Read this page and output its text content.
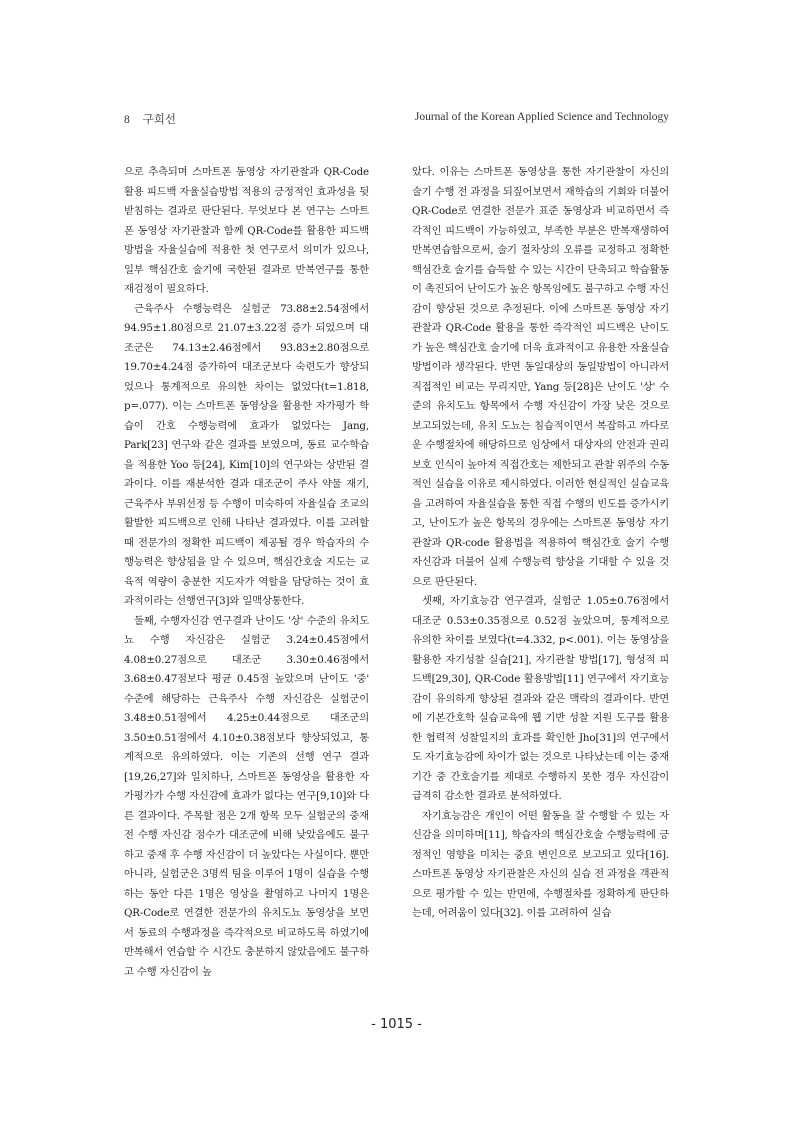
8 구희선	Journal of the Korean Applied Science and Technology

으로 추측되며 스마트폰 동영상 자기관찰과 QR-Code 활용 피드백 자율실습방법 적용의 긍정적인 효과성을 뒷받침하는 결과로 판단된다. 무엇보다 본 연구는 스마트폰 동영상 자기관찰과 함께 QR-Code를 활용한 피드백 방법을 자율실습에 적용한 첫 연구로서 의미가 있으나, 일부 핵심간호 술기에 국한된 결과로 반복연구를 통한 재검정이 필요하다.

근육주사 수행능력은 실험군 73.88±2.54점에서 94.95±1.80점으로 21.07±3.22점 증가 되었으며 대조군은 74.13±2.46점에서 93.83±2.80점으로 19.70±4.24점 증가하여 대조군보다 숙련도가 향상되었으나 통계적으로 유의한 차이는 없었다(t=1.818, p=.077). 이는 스마트폰 동영상을 활용한 자가평가 학습이 간호 수행능력에 효과가 없었다는 Jang, Park[23] 연구와 같은 결과를 보였으며, 동료 교수학습을 적용한 Yoo 등[24], Kim[10]의 연구와는 상반된 결과이다. 이를 재분석한 결과 대조군이 주사 약물 재기, 근육주사 부위선정 등 수행이 미숙하여 자율실습 조교의 활발한 피드백으로 인해 나타난 결과였다. 이를 고려할 때 전문가의 정확한 피드백이 제공될 경우 학습자의 수행능력은 향상됨을 알 수 있으며, 핵심간호술 지도는 교육적 역량이 충분한 지도자가 역할을 담당하는 것이 효과적이라는 선행연구[3]와 일맥상통한다.

둘째, 수행자신감 연구결과 난이도 '상' 수준의 유치도뇨 수행 자신감은 실험군 3.24±0.45점에서 4.08±0.27점으로 대조군 3.30±0.46점에서 3.68±0.47점보다 평균 0.45점 높았으며 난이도 '중' 수준에 해당하는 근육주사 수행 자신감은 실험군이 3.48±0.51점에서 4.25±0.44점으로 대조군의 3.50±0.51점에서 4.10±0.38점보다 향상되었고, 통계적으로 유의하였다. 이는 기존의 선행 연구 결과[19,26,27]와 일치하나, 스마트폰 동영상을 활용한 자가평가가 수행 자신감에 효과가 없다는 연구[9,10]와 다른 결과이다. 주목할 점은 2개 항목 모두 실험군의 중재 전 수행 자신감 점수가 대조군에 비해 낮았음에도 불구하고 중재 후 수행 자신감이 더 높았다는 사실이다. 뿐만아니라, 실험군은 3명씩 팀을 이루어 1명이 실습을 수행하는 동안 다른 1명은 영상을 촬영하고 나머지 1명은 QR-Code로 연결한 전문가의 유치도뇨 동영상을 보면서 동료의 수행과정을 즉각적으로 비교하도록 하였기에 반복해서 연습할 수 시간도 충분하지 않았음에도 불구하고 수행 자신감이 높

았다. 이유는 스마트폰 동영상을 통한 자기관찰이 자신의 술기 수행 전 과정을 되짚어보면서 재학습의 기회와 더불어 QR-Code로 연결한 전문가 표준 동영상과 비교하면서 즉각적인 피드백이 가능하였고, 부족한 부분은 반복재생하여 반복연습함으로써, 술기 절차상의 오류를 교정하고 정확한 핵심간호 술기를 습득할 수 있는 시간이 단축되고 학습활동이 촉진되어 난이도가 높은 항목임에도 불구하고 수행 자신감이 향상된 것으로 추정된다. 이에 스마트폰 동영상 자기관찰과 QR-Code 활용을 통한 즉각적인 피드백은 난이도가 높은 핵심간호 술기에 더욱 효과적이고 유용한 자율실습 방법이라 생각된다. 반면 동일대상의 동일방법이 아니라서 직접적인 비교는 무리지만, Yang 등[28]은 난이도 '상' 수준의 유치도뇨 항목에서 수행 자신감이 가장 낮은 것으로 보고되었는데, 유치 도뇨는 침습적이면서 복잡하고 까다로운 수행절차에 해당하므로 임상에서 대상자의 안전과 권리 보호 인식이 높아져 직접간호는 제한되고 관찰 위주의 수동적인 실습을 이유로 제시하였다. 이러한 현실적인 실습교육을 고려하여 자율실습을 통한 직접 수행의 빈도를 증가시키고, 난이도가 높은 항목의 경우에는 스마트폰 동영상 자기관찰과 QR-code 활용법을 적용하여 핵심간호 술기 수행 자신감과 더불어 실제 수행능력 향상을 기대할 수 있을 것으로 판단된다.

셋째, 자기효능감 연구결과, 실험군 1.05±0.76점에서 대조군 0.53±0.35점으로 0.52점 높았으며, 통계적으로 유의한 차이를 보였다(t=4.332, p<.001). 이는 동영상을 활용한 자기성찰 실습[21], 자기관찰 방법[17], 형성적 피드백[29,30], QR-Code 활용방법[11] 연구에서 자기효능감이 유의하게 향상된 결과와 같은 맥락의 결과이다. 반면에 기본간호학 실습교육에 웹 기반 성찰 지원 도구를 활용한 협력적 성찰일지의 효과를 확인한 Jho[31]의 연구에서도 자기효능감에 차이가 없는 것으로 나타났는데 이는 중재 기간 중 간호술기를 제대로 수행하지 못한 경우 자신감이 급격히 감소한 결과로 분석하였다.

자기효능감은 개인이 어떤 활동을 잘 수행할 수 있는 자신감을 의미하며[11], 학습자의 핵심간호술 수행능력에 긍정적인 영향을 미치는 중요 변인으로 보고되고 있다[16]. 스마트폰 동영상 자기관찰은 자신의 실습 전 과정을 객관적으로 평가할 수 있는 반면에, 수행절차를 정확하게 판단하는데, 어려움이 있다[32]. 이를 고려하여 실습

- 1015 -
